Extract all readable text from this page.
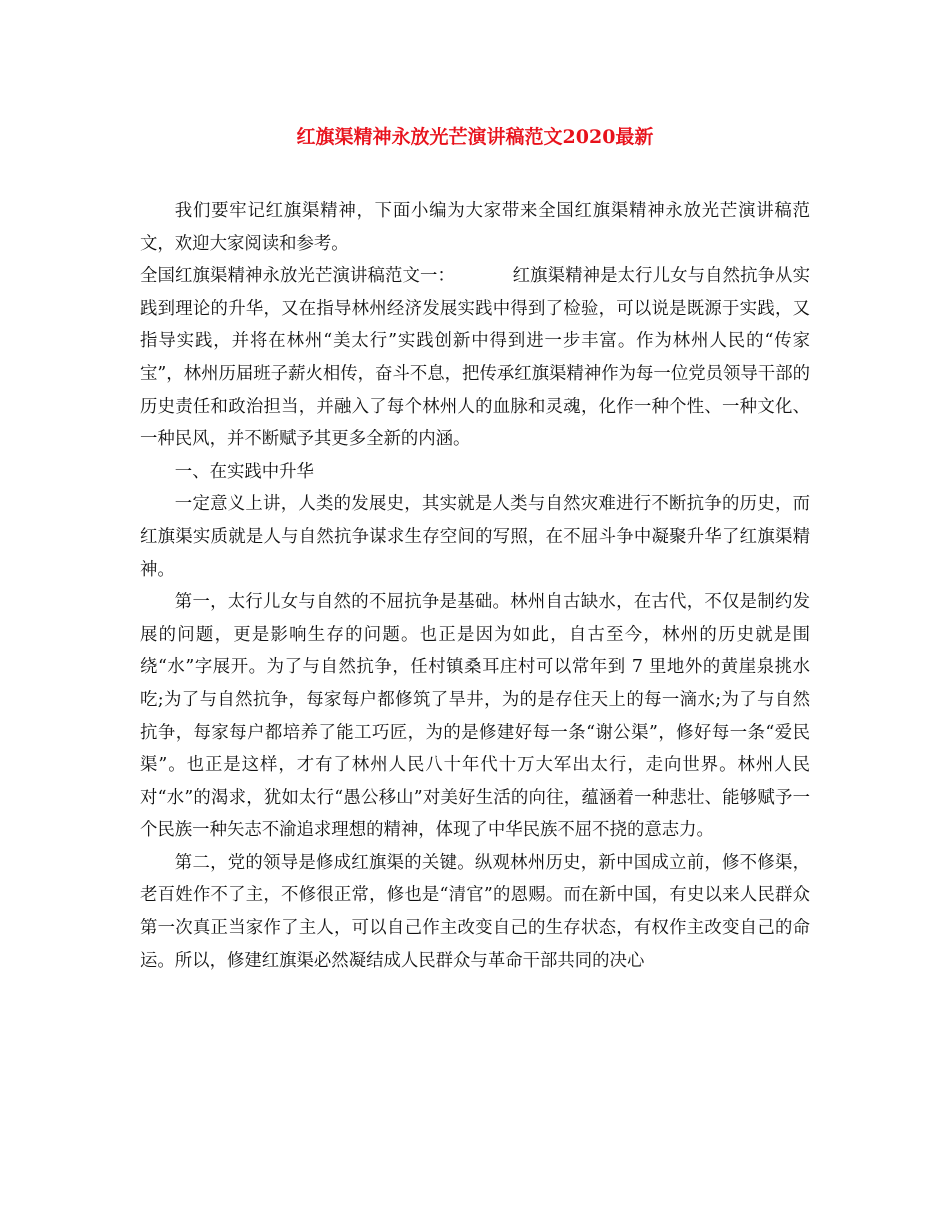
红旗渠精神永放光芒演讲稿范文2020最新

我们要牢记红旗渠精神，下面小编为大家带来全国红旗渠精神永放光芒演讲稿范文，欢迎大家阅读和参考。

全国红旗渠精神永放光芒演讲稿范文一：	红旗渠精神是太行儿女与自然抗争从实践到理论的升华，又在指导林州经济发展实践中得到了检验，可以说是既源于实践，又指导实践，并将在林州“美太行”实践创新中得到进一步丰富。作为林州人民的“传家宝”，林州历届班子薪火相传，奋斗不息，把传承红旗渠精神作为每一位党员领导干部的历史责任和政治担当，并融入了每个林州人的血脉和灵魂，化作一种个性、一种文化、一种民风，并不断赋予其更多全新的内涵。

一、在实践中升华

一定意义上讲，人类的发展史，其实就是人类与自然灾难进行不断抗争的历史，而红旗渠实质就是人与自然抗争谋求生存空间的写照，在不屈斗争中凝聚升华了红旗渠精神。

第一，太行儿女与自然的不屈抗争是基础。林州自古缺水，在古代，不仅是制约发展的问题，更是影响生存的问题。也正是因为如此，自古至今，林州的历史就是围绕“水”字展开。为了与自然抗争，任村镇桑耳庄村可以常年到 7 里地外的黄崖泉挑水吃;为了与自然抗争，每家每户都修筑了旱井，为的是存住天上的每一滴水;为了与自然抗争，每家每户都培养了能工巧匠，为的是修建好每一条“谢公渠”，修好每一条“爱民渠”。也正是这样，才有了林州人民八十年代十万大军出太行，走向世界。林州人民对“水”的渴求，犹如太行“愚公移山”对美好生活的向往，蕴涵着一种悲壮、能够赋予一个民族一种矢志不渝追求理想的精神，体现了中华民族不屈不挠的意志力。

第二，党的领导是修成红旗渠的关键。纵观林州历史，新中国成立前，修不修渠，老百姓作不了主，不修很正常，修也是“清官”的恩赐。而在新中国，有史以来人民群众第一次真正当家作了主人，可以自己作主改变自己的生存状态，有权作主改变自己的命运。所以，修建红旗渠必然凝结成人民群众与革命干部共同的决心
